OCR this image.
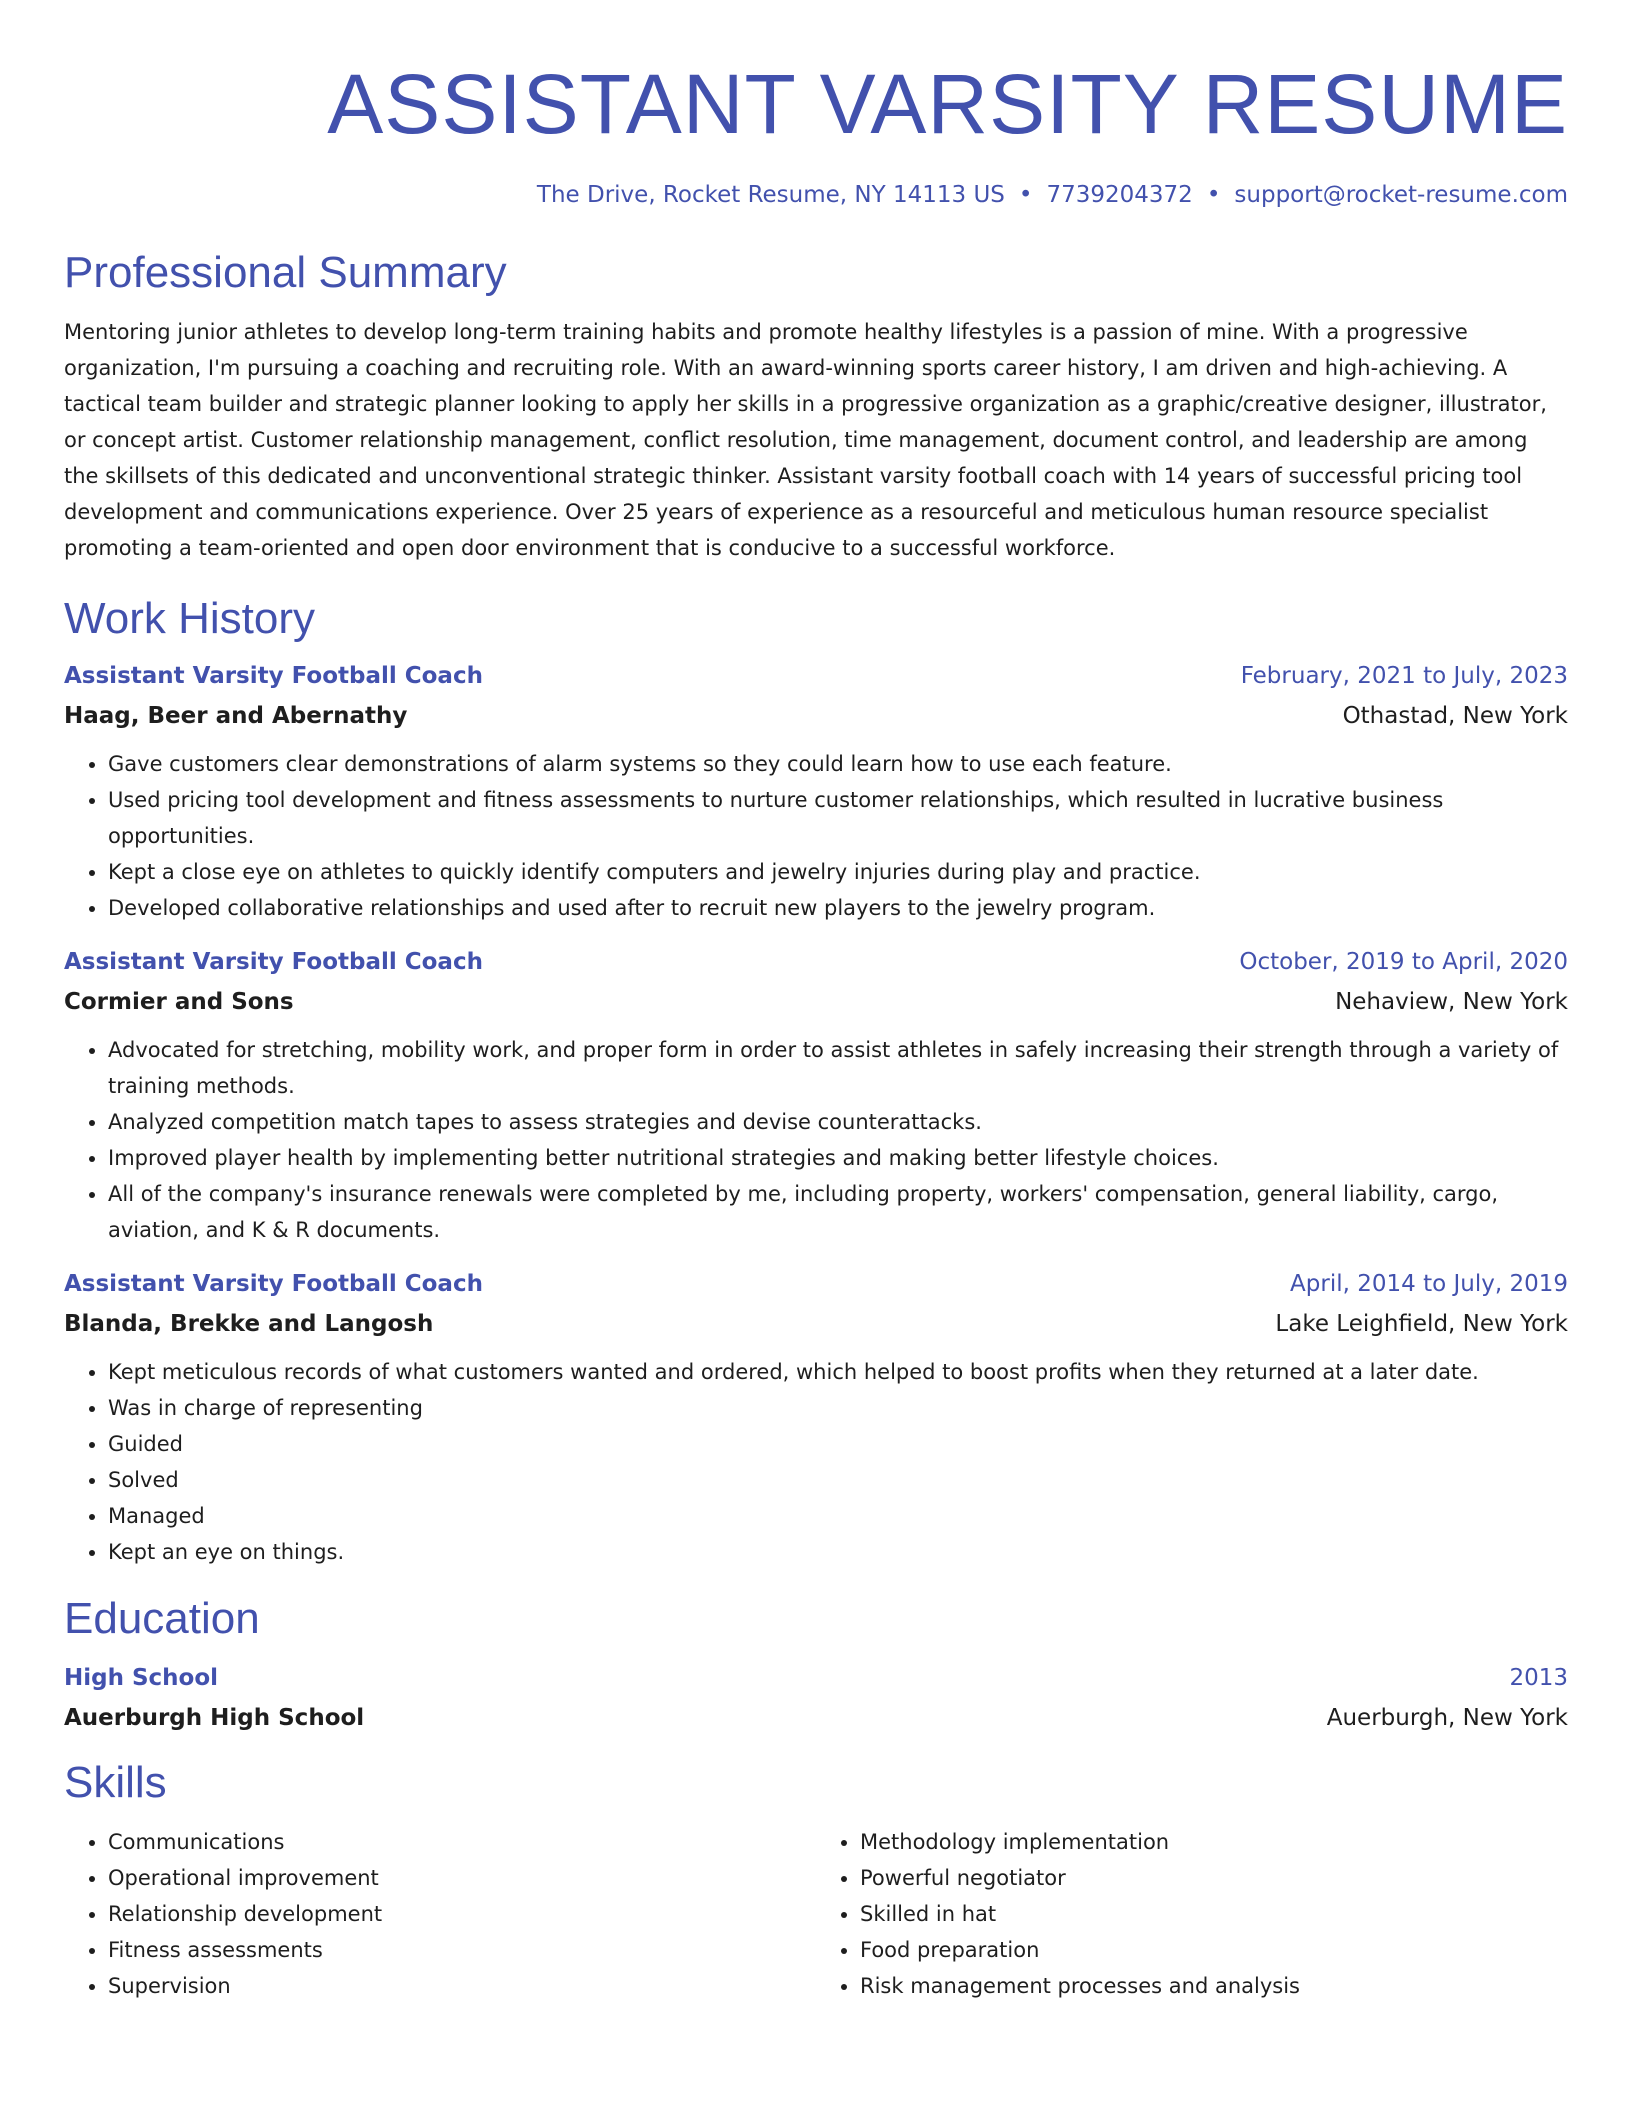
ASSISTANT VARSITY RESUME
The Drive, Rocket Resume, NY 14113 US • 7739204372 • support@rocket-resume.com
Professional Summary

Mentoring junior athletes to develop long-term training habits and promote healthy lifestyles is a passion of mine. With a progressive organization, I'm pursuing a coaching and recruiting role. With an award-winning sports career history, I am driven and high-achieving. A tactical team builder and strategic planner looking to apply her skills in a progressive organization as a graphic/creative designer, illustrator, or concept artist. Customer relationship management, conflict resolution, time management, document control, and leadership are among the skillsets of this dedicated and unconventional strategic thinker. Assistant varsity football coach with 14 years of successful pricing tool development and communications experience. Over 25 years of experience as a resourceful and meticulous human resource specialist promoting a team-oriented and open door environment that is conducive to a successful workforce.

Work History
Assistant Varsity Football Coach	February, 2021 to July, 2023
Haag, Beer and Abernathy	Othastad, New York
• Gave customers clear demonstrations of alarm systems so they could learn how to use each feature.
• Used pricing tool development and fitness assessments to nurture customer relationships, which resulted in lucrative business opportunities.
• Kept a close eye on athletes to quickly identify computers and jewelry injuries during play and practice.
• Developed collaborative relationships and used after to recruit new players to the jewelry program.
Assistant Varsity Football Coach	October, 2019 to April, 2020
Cormier and Sons	Nehaview, New York
• Advocated for stretching, mobility work, and proper form in order to assist athletes in safely increasing their strength through a variety of training methods.
• Analyzed competition match tapes to assess strategies and devise counterattacks.
• Improved player health by implementing better nutritional strategies and making better lifestyle choices.
• All of the company's insurance renewals were completed by me, including property, workers' compensation, general liability, cargo, aviation, and K & R documents.
Assistant Varsity Football Coach	April, 2014 to July, 2019
Blanda, Brekke and Langosh	Lake Leighfield, New York
• Kept meticulous records of what customers wanted and ordered, which helped to boost profits when they returned at a later date.
• Was in charge of representing
• Guided
• Solved
• Managed
• Kept an eye on things.
Education
High School	2013
Auerburgh High School	Auerburgh, New York
Skills
• Communications
• Operational improvement
• Relationship development
• Fitness assessments
• Supervision
• Methodology implementation
• Powerful negotiator
• Skilled in hat
• Food preparation
• Risk management processes and analysis
